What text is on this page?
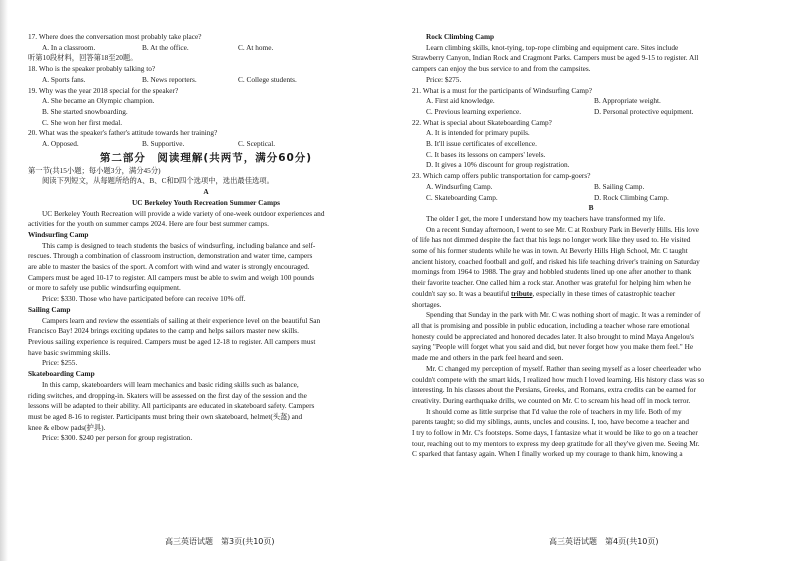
17. Where does the conversation most probably take place?

A. In a classroom.	B. At the office.	C. At home.

听第10段材料，回答第18至20题。

18. Who is the speaker probably talking to?

A. Sports fans.	B. News reporters.	C. College students.

19. Why was the year 2018 special for the speaker?

A. She became an Olympic champion.

B. She started snowboarding.

C. She won her first medal.

20. What was the speaker's father's attitude towards her training?

A. Opposed.	B. Supportive.	C. Sceptical.

第二部分　阅读理解(共两节，满分60分)

第一节(共15小题；每小题3分，满分45分)

阅读下列短文，从每题所给的A、B、C和D四个选项中，选出最佳选项。

A

UC Berkeley Youth Recreation Summer Camps

UC Berkeley Youth Recreation will provide a wide variety of one-week outdoor experiences and

activities for the youth on summer camps 2024. Here are four best summer camps.

Windsurfing Camp

This camp is designed to teach students the basics of windsurfing, including balance and self-

rescues. Through a combination of classroom instruction, demonstration and water time, campers

are able to master the basics of the sport. A comfort with wind and water is strongly encouraged.

Campers must be aged 10-17 to register. All campers must be able to swim and weigh 100 pounds

or more to safely use public windsurfing equipment.

Price: $330. Those who have participated before can receive 10% off.

Sailing Camp

Campers learn and review the essentials of sailing at their experience level on the beautiful San

Francisco Bay! 2024 brings exciting updates to the camp and helps sailors master new skills.

Previous sailing experience is required. Campers must be aged 12-18 to register. All campers must

have basic swimming skills.

Price: $255.

Skateboarding Camp

In this camp, skateboarders will learn mechanics and basic riding skills such as balance,

riding switches, and dropping-in. Skaters will be assessed on the first day of the session and the

lessons will be adapted to their ability. All participants are educated in skateboard safety. Campers

must be aged 8-16 to register. Participants must bring their own skateboard, helmet(头盔) and

knee & elbow pads(护具).

Price: $300. $240 per person for group registration.

Rock Climbing Camp

Learn climbing skills, knot-tying, top-rope climbing and equipment care. Sites include

Strawberry Canyon, Indian Rock and Cragmont Parks. Campers must be aged 9-15 to register. All

campers can enjoy the bus service to and from the campsites.

Price: $275.

21. What is a must for the participants of Windsurfing Camp?

A. First aid knowledge.	B. Appropriate weight.
C. Previous learning experience.	D. Personal protective equipment.

22. What is special about Skateboarding Camp?

A. It is intended for primary pupils.

B. It'll issue certificates of excellence.

C. It bases its lessons on campers' levels.

D. It gives a 10% discount for group registration.

23. Which camp offers public transportation for camp-goers?

A. Windsurfing Camp.	B. Sailing Camp.
C. Skateboarding Camp.	D. Rock Climbing Camp.

B

The older I get, the more I understand how my teachers have transformed my life.

On a recent Sunday afternoon, I went to see Mr. C at Roxbury Park in Beverly Hills. His love

of life has not dimmed despite the fact that his legs no longer work like they used to. He visited

some of his former students while he was in town. At Beverly Hills High School, Mr. C taught

ancient history, coached football and golf, and risked his life teaching driver's training on Saturday

mornings from 1964 to 1988. The gray and hobbled students lined up one after another to thank

their favorite teacher. One called him a rock star. Another was grateful for helping him when he

couldn't say so. It was a beautiful tribute, especially in these times of catastrophic teacher

shortages.

Spending that Sunday in the park with Mr. C was nothing short of magic. It was a reminder of

all that is promising and possible in public education, including a teacher whose rare emotional

honesty could be appreciated and honored decades later. It also brought to mind Maya Angelou's

saying "People will forget what you said and did, but never forget how you make them feel." He

made me and others in the park feel heard and seen.

Mr. C changed my perception of myself. Rather than seeing myself as a loser cheerleader who

couldn't compete with the smart kids, I realized how much I loved learning. His history class was so

interesting. In his classes about the Persians, Greeks, and Romans, extra credits can be earned for

creativity. During earthquake drills, we counted on Mr. C to scream his head off in mock terror.

It should come as little surprise that I'd value the role of teachers in my life. Both of my

parents taught; so did my siblings, aunts, uncles and cousins. I, too, have become a teacher and

I try to follow in Mr. C's footsteps. Some days, I fantasize what it would be like to go on a teacher

tour, reaching out to my mentors to express my deep gratitude for all they've given me. Seeing Mr.

C sparked that fantasy again. When I finally worked up my courage to thank him, knowing a

高三英语试题　第3页(共10页)	高三英语试题　第4页(共10页)
